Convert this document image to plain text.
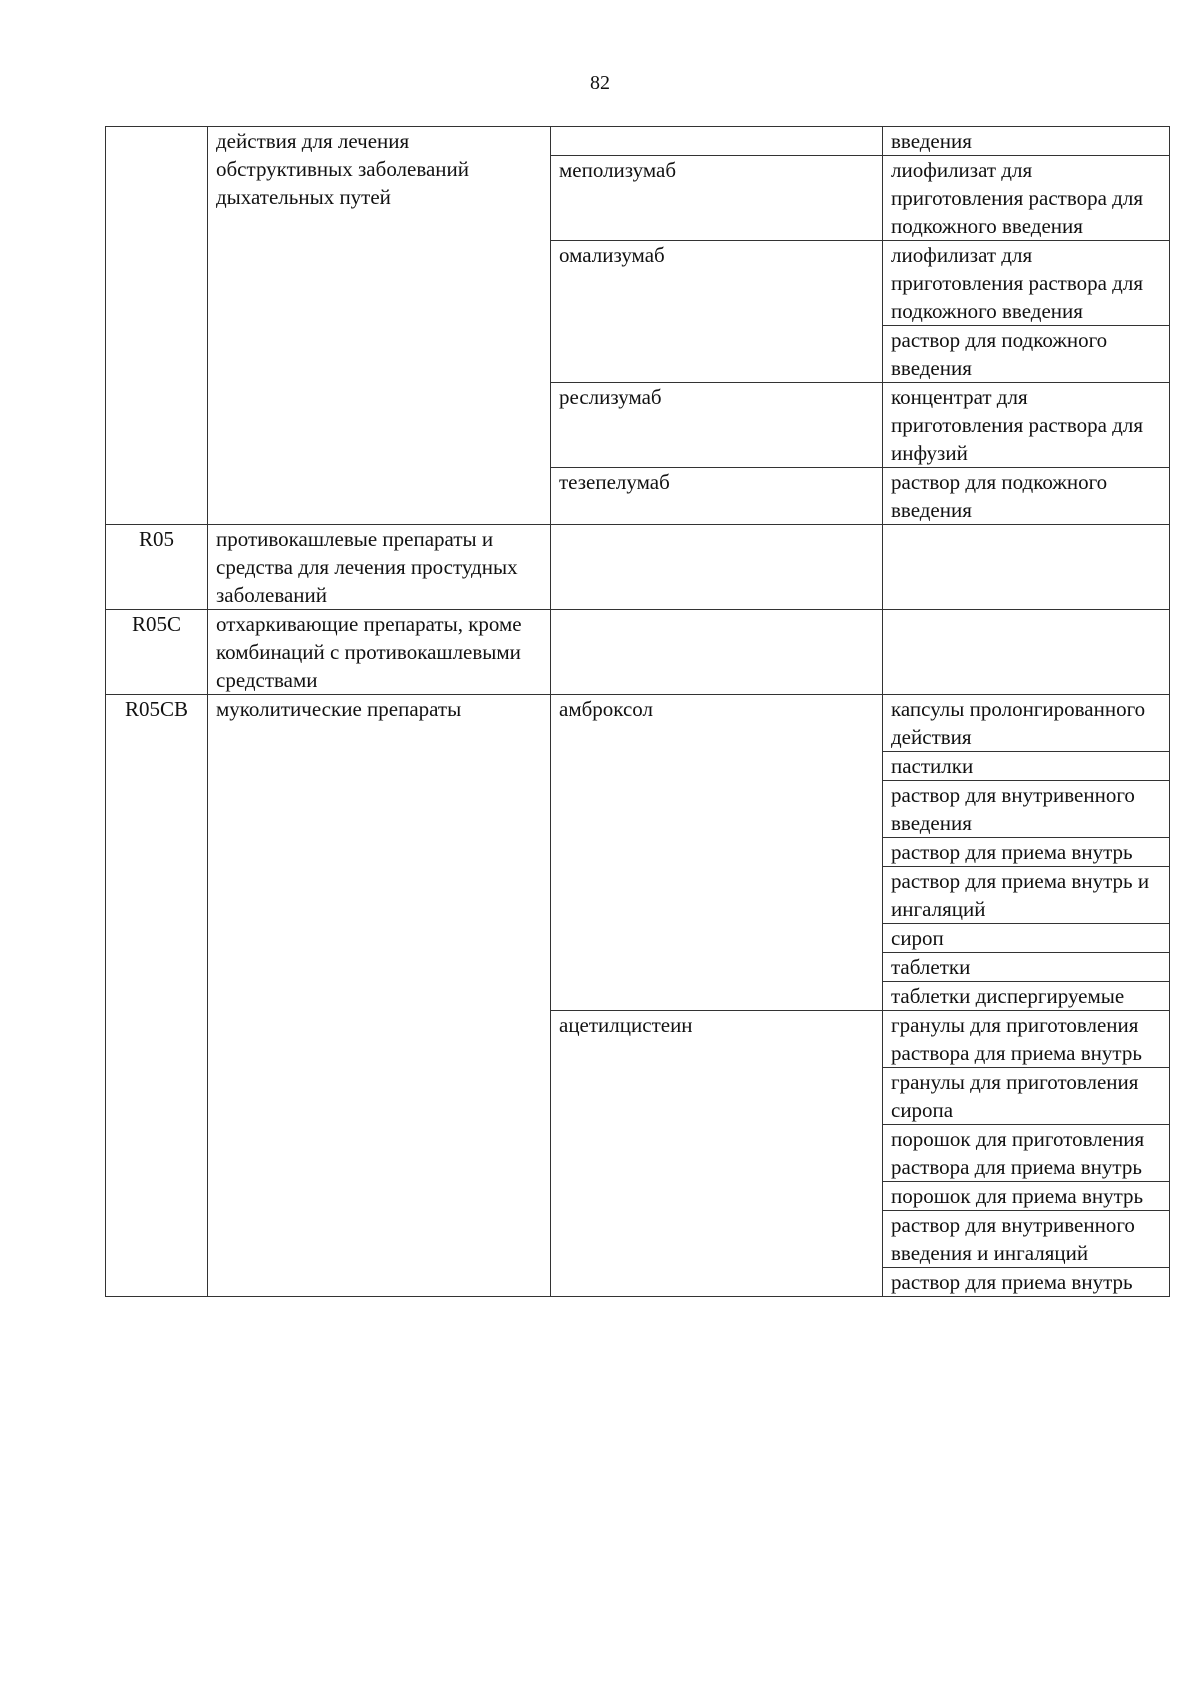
82
	действия для лечения обструктивных заболеваний дыхательных путей		введения
		меполизумаб	лиофилизат для приготовления раствора для подкожного введения
		омализумаб	лиофилизат для приготовления раствора для подкожного введения
			раствор для подкожного введения
		реслизумаб	концентрат для приготовления раствора для инфузий
		тезепелумаб	раствор для подкожного введения

R05	противокашлевые препараты и средства для лечения простудных заболеваний		
R05C	отхаркивающие препараты, кроме комбинаций с противокашлевыми средствами		
R05CB	муколитические препараты	амброксол	капсулы пролонгированного действия
			пастилки
			раствор для внутривенного введения
			раствор для приема внутрь
			раствор для приема внутрь и ингаляций
			сироп
			таблетки
			таблетки диспергируемые
		ацетилцистеин	гранулы для приготовления раствора для приема внутрь
			гранулы для приготовления сиропа
			порошок для приготовления раствора для приема внутрь
			порошок для приема внутрь
			раствор для внутривенного введения и ингаляций
			раствор для приема внутрь
